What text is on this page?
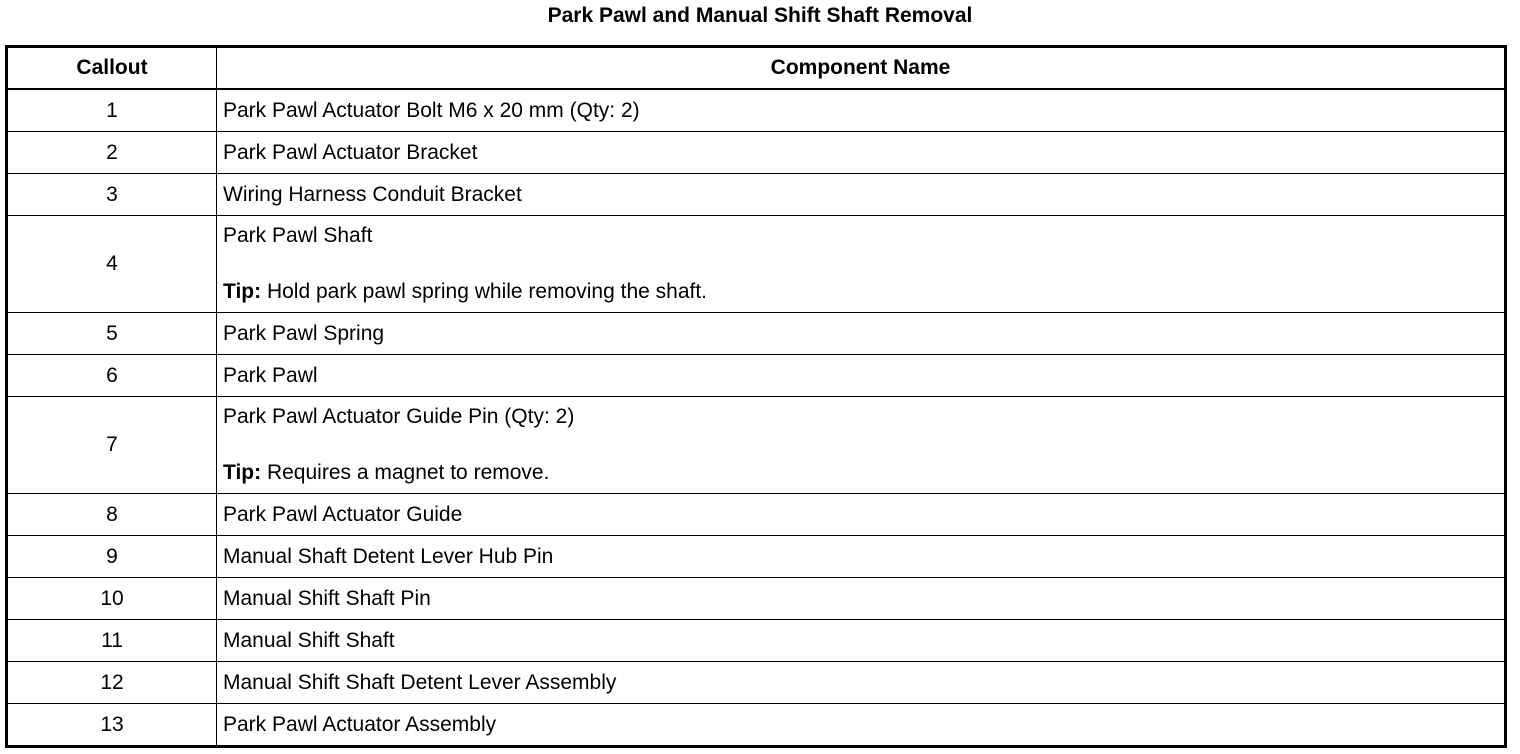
Park Pawl and Manual Shift Shaft Removal
Callout	Component Name
1	Park Pawl Actuator Bolt M6 x 20 mm (Qty: 2)
2	Park Pawl Actuator Bracket
3	Wiring Harness Conduit Bracket
4	Park Pawl Shaft
Tip: Hold park pawl spring while removing the shaft.

5	Park Pawl Spring
6	Park Pawl
7	Park Pawl Actuator Guide Pin (Qty: 2)
Tip: Requires a magnet to remove.

8	Park Pawl Actuator Guide
9	Manual Shaft Detent Lever Hub Pin
10	Manual Shift Shaft Pin
11	Manual Shift Shaft
12	Manual Shift Shaft Detent Lever Assembly
13	Park Pawl Actuator Assembly
